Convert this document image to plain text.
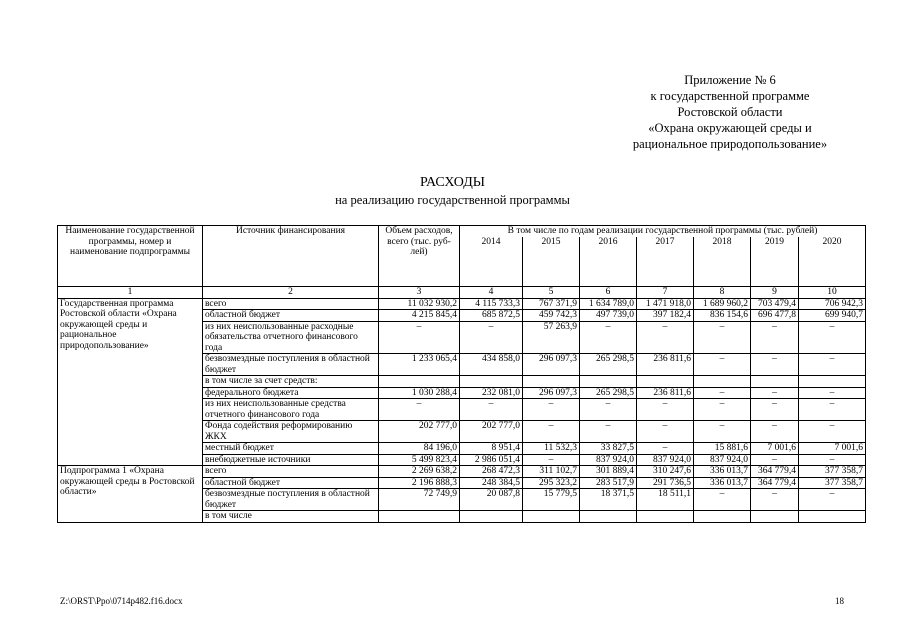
Приложение № 6
к государственной программе
Ростовской области
«Охрана окружающей среды и
рациональное природопользование»
РАСХОДЫ
на реализацию государственной программы
Наименование государственной программы, номер и наименование подпрограммы	Источник финансирования	Объем расходов, всего (тыс. руб- лей)	В том числе по годам реализации государственной программы (тыс. рублей)						
			2014	2015	2016	2017	2018	2019	2020
1	2	3	4	5	6	7	8	9	10
Государственная программа Ростовской области «Охрана окружающей среды и рациональное природопользование»	всего	11 032 930,2	4 115 733,3	767 371,9	1 634 789,0	1 471 918,0	1 689 960,2	703 479,4	706 942,3
	областной бюджет	4 215 845,4	685 872,5	459 742,3	497 739,0	397 182,4	836 154,6	696 477,8	699 940,7
	из них неиспользованные расходные обязательства отчетного финансового года	–	–	57 263,9	–	–	–	–	–
	безвозмездные поступления в областной бюджет	1 233 065,4	434 858,0	296 097,3	265 298,5	236 811,6	–	–	–
	в том числе за счет средств:								
	федерального бюджета	1 030 288,4	232 081,0	296 097,3	265 298,5	236 811,6	–	–	–
	из них неиспользованные средства отчетного финансового года	–	–	–	–	–	–	–	–
	Фонда содействия реформированию ЖКХ	202 777,0	202 777,0	–	–	–	–	–	–
	местный бюджет	84 196,0	8 951,4	11 532,3	33 827,5	–	15 881,6	7 001,6	7 001,6
	внебюджетные источники	5 499 823,4	2 986 051,4	–	837 924,0	837 924,0	837 924,0	–	–
Подпрограмма 1 «Охрана окружающей среды в Ростовской области»	всего	2 269 638,2	268 472,3	311 102,7	301 889,4	310 247,6	336 013,7	364 779,4	377 358,7
	областной бюджет	2 196 888,3	248 384,5	295 323,2	283 517,9	291 736,5	336 013,7	364 779,4	377 358,7
	безвозмездные поступления в областной бюджет	72 749,9	20 087,8	15 779,5	18 371,5	18 511,1	–	–	–
	в том числе								
Z:\ORST\Ppo\0714p482.f16.docx	18
